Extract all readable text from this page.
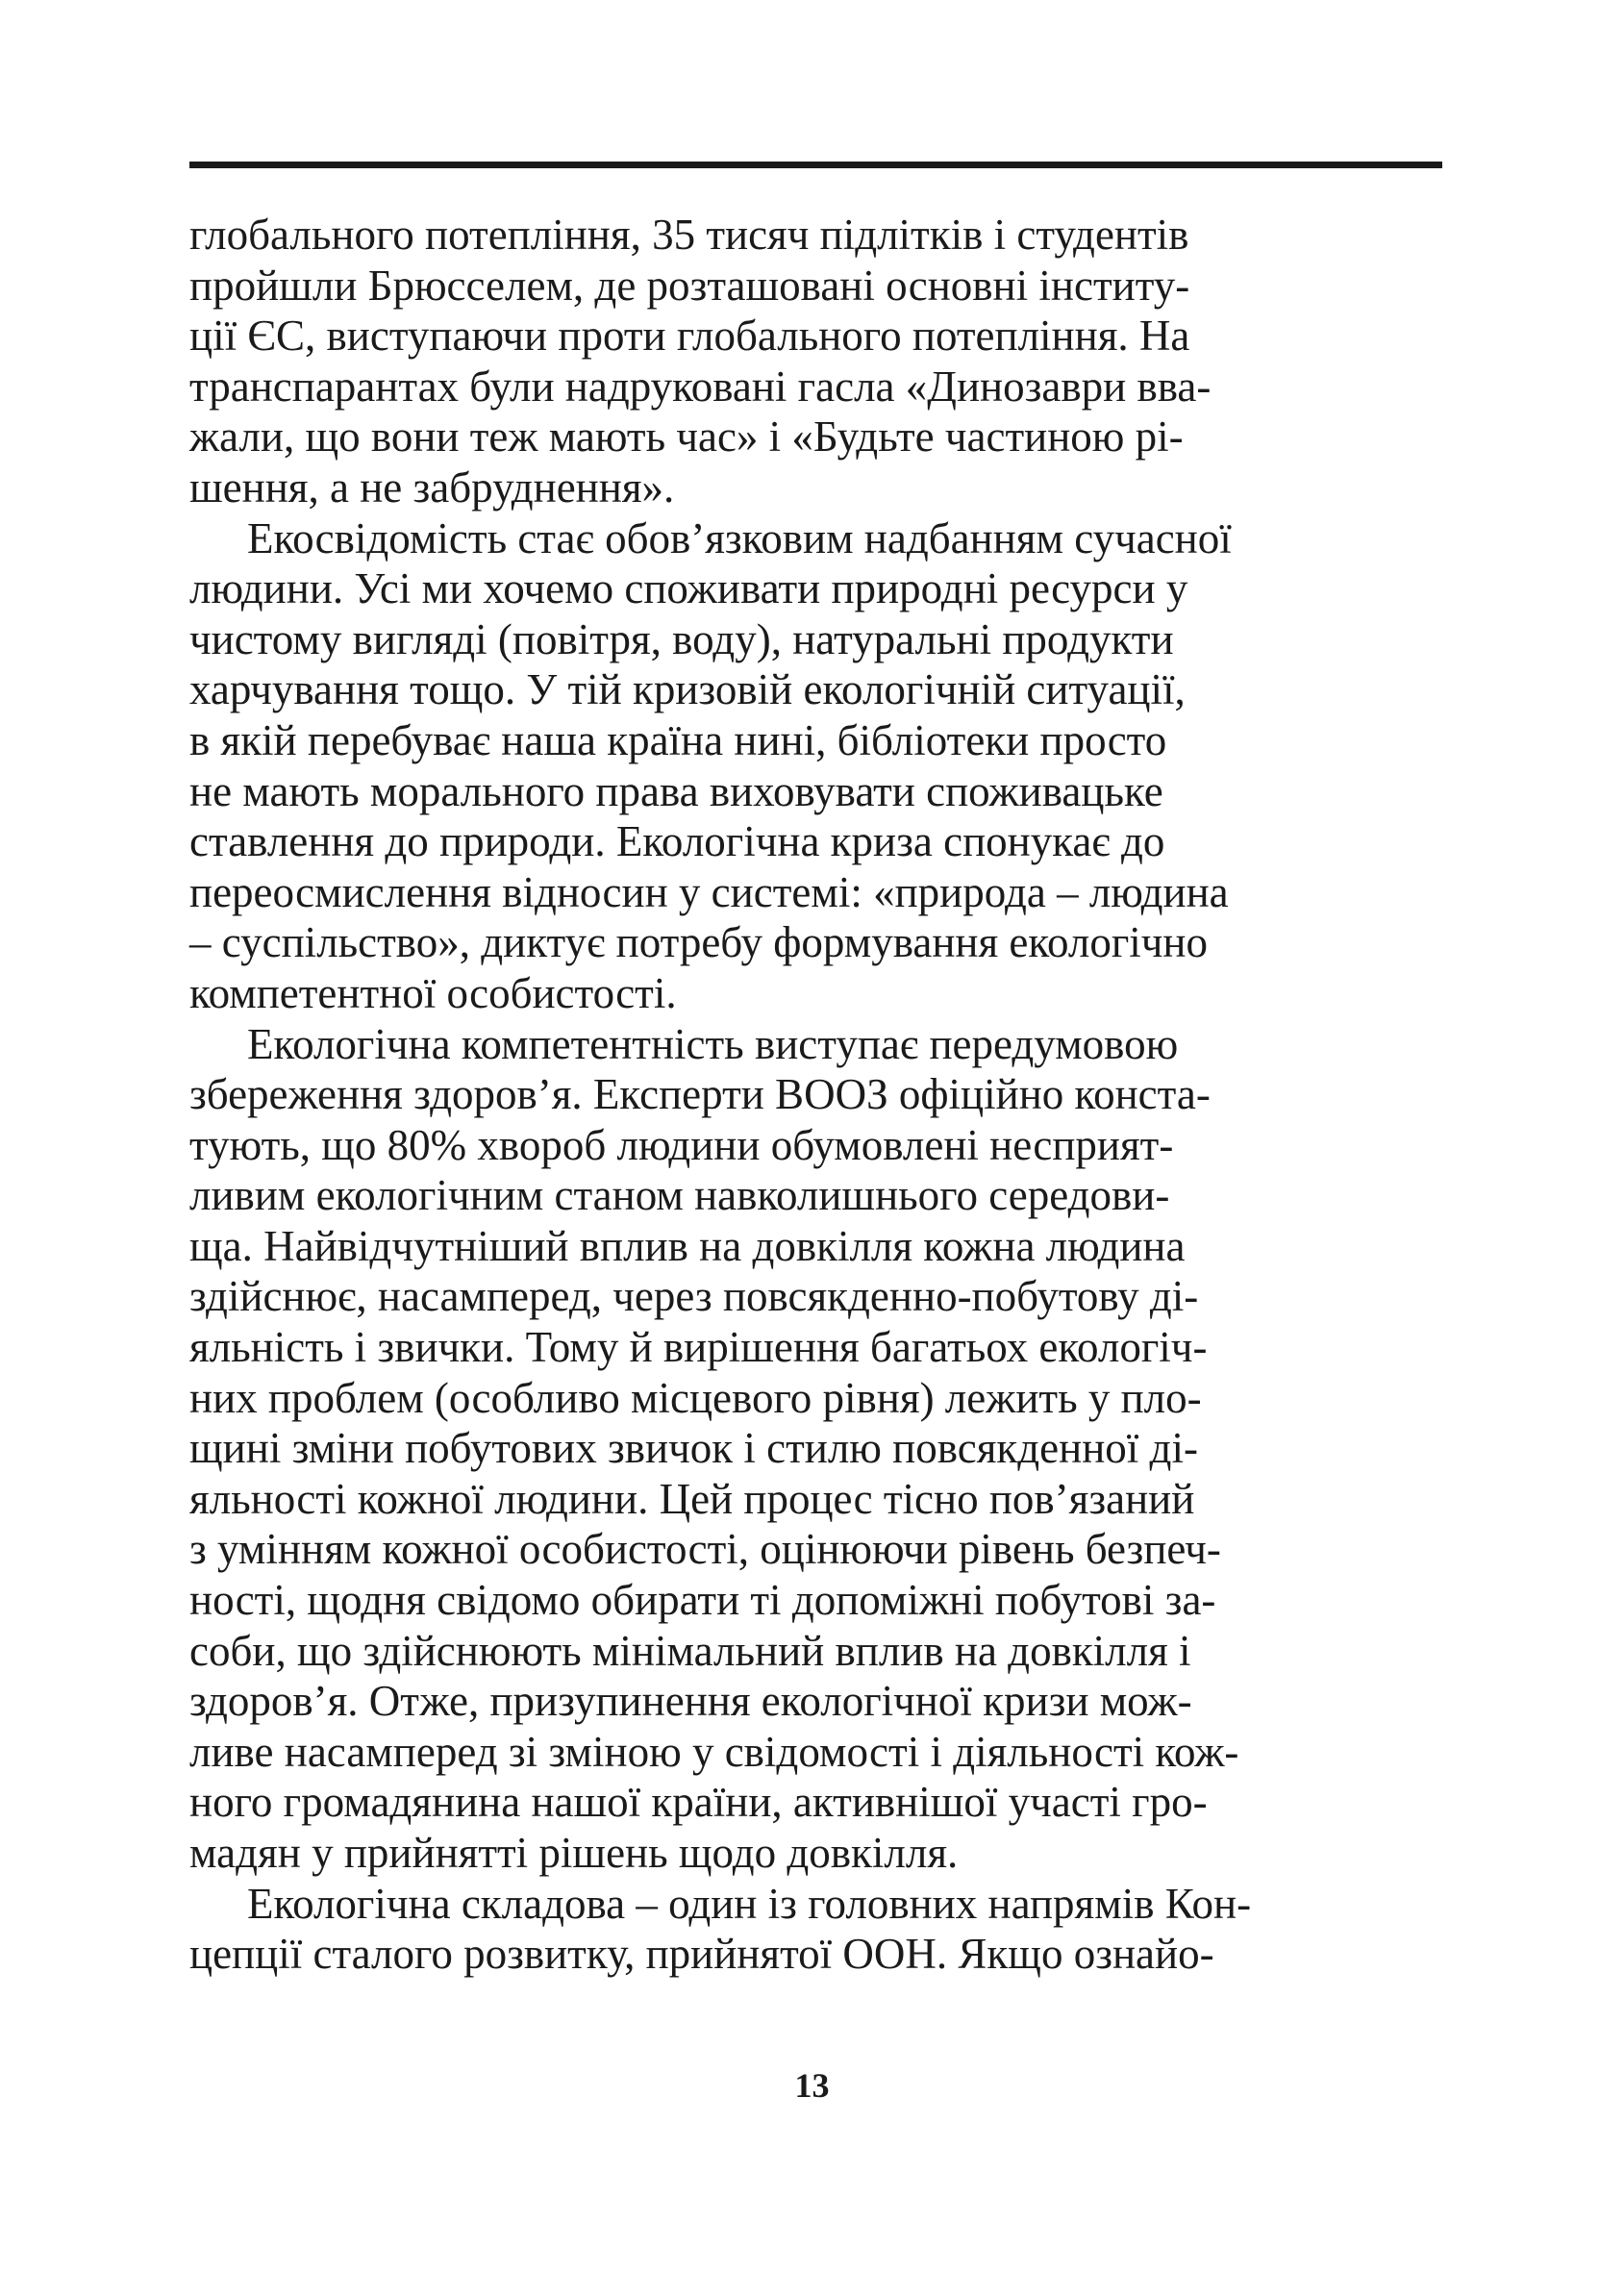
глобального потепління, 35 тисяч підлітків і студентів
пройшли Брюсселем, де розташовані основні інститу-
ції ЄС, виступаючи проти глобального потепління. На
транспарантах були надруковані гасла «Динозаври вва-
жали, що вони теж мають час» і «Будьте частиною рі-
шення, а не забруднення».
Екосвідомість стає обов’язковим надбанням сучасної
людини. Усі ми хочемо споживати природні ресурси у
чистому вигляді (повітря, воду), натуральні продукти
харчування тощо. У тій кризовій екологічній ситуації,
в якій перебуває наша країна нині, бібліотеки просто
не мають морального права виховувати споживацьке
ставлення до природи. Екологічна криза спонукає до
переосмислення відносин у системі: «природа – людина
– суспільство», диктує потребу формування екологічно
компетентної особистості.
Екологічна компетентність виступає передумовою
збереження здоров’я. Експерти ВООЗ офіційно конста-
тують, що 80% хвороб людини обумовлені несприят-
ливим екологічним станом навколишнього середови-
ща. Найвідчутніший вплив на довкілля кожна людина
здійснює, насамперед, через повсякденно-побутову ді-
яльність і звички. Тому й вирішення багатьох екологіч-
них проблем (особливо місцевого рівня) лежить у пло-
щині зміни побутових звичок і стилю повсякденної ді-
яльності кожної людини. Цей процес тісно пов’язаний
з умінням кожної особистості, оцінюючи рівень безпеч-
ності, щодня свідомо обирати ті допоміжні побутові за-
соби, що здійснюють мінімальний вплив на довкілля і
здоров’я. Отже, призупинення екологічної кризи мож-
ливе насамперед зі зміною у свідомості і діяльності кож-
ного громадянина нашої країни, активнішої участі гро-
мадян у прийнятті рішень щодо довкілля.
Екологічна складова – один із головних напрямів Кон-
цепції сталого розвитку, прийнятої ООН. Якщо ознайо-
13
